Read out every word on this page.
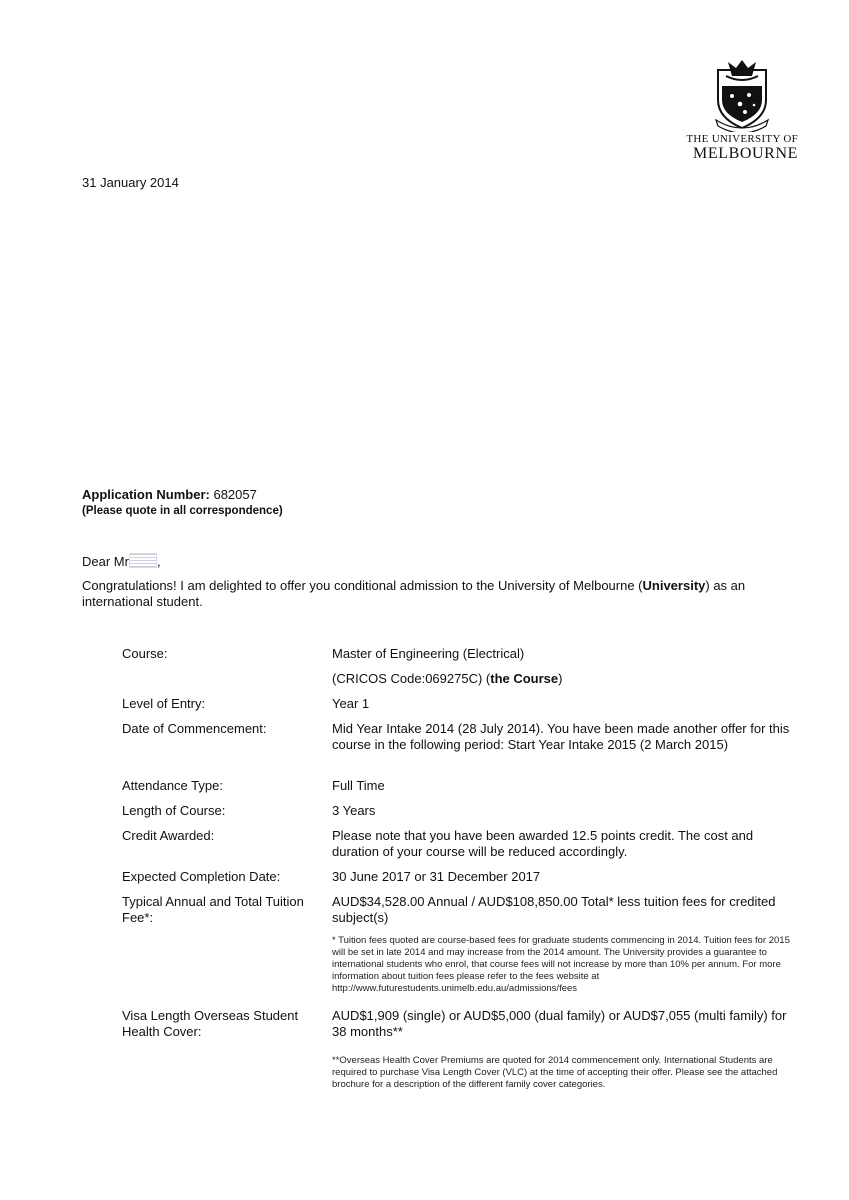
THE UNIVERSITY OF
MELBOURNE
31 January 2014
Application Number: 682057
(Please quote in all correspondence)
Dear Mr ,
Congratulations! I am delighted to offer you conditional admission to the University of Melbourne (University) as an international student.
Course:	Master of Engineering (Electrical)
(CRICOS Code:069275C) (the Course)
Level of Entry:	Year 1
Date of Commencement:	Mid Year Intake 2014 (28 July 2014). You have been made another offer for this course in the following period: Start Year Intake 2015 (2 March 2015)
Attendance Type:	Full Time
Length of Course:	3 Years
Credit Awarded:	Please note that you have been awarded 12.5 points credit. The cost and duration of your course will be reduced accordingly.
Expected Completion Date:	30 June 2017 or 31 December 2017
Typical Annual and Total Tuition Fee*:
AUD$34,528.00 Annual / AUD$108,850.00 Total* less tuition fees for credited subject(s)
* Tuition fees quoted are course-based fees for graduate students commencing in 2014. Tuition fees for 2015 will be set in late 2014 and may increase from the 2014 amount. The University provides a guarantee to international students who enrol, that course fees will not increase by more than 10% per annum. For more information about tuition fees please refer to the fees website at http://www.futurestudents.unimelb.edu.au/admissions/fees
Visa Length Overseas Student Health Cover:
AUD$1,909 (single) or AUD$5,000 (dual family) or AUD$7,055 (multi family) for 38 months**
**Overseas Health Cover Premiums are quoted for 2014 commencement only. International Students are required to purchase Visa Length Cover (VLC) at the time of accepting their offer. Please see the attached brochure for a description of the different family cover categories.
